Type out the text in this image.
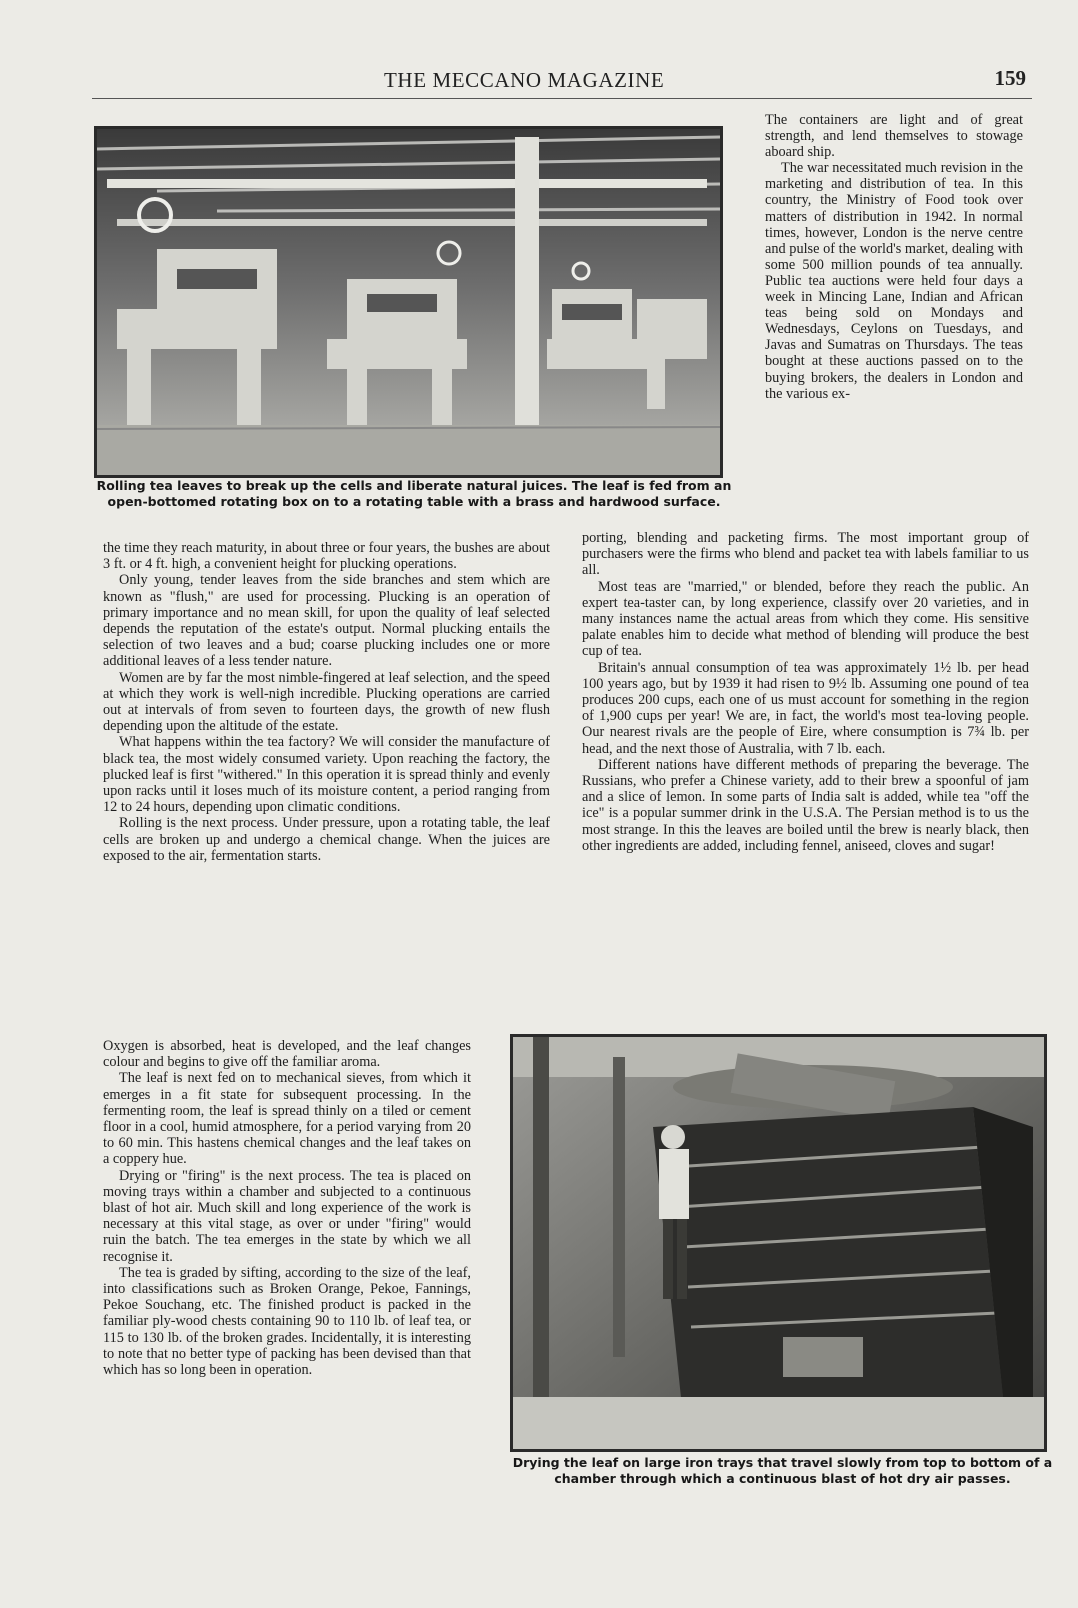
THE MECCANO MAGAZINE	159
Rolling tea leaves to break up the cells and liberate natural juices. The leaf is fed from an open-bottomed rotating box on to a rotating table with a brass and hardwood surface.

The containers are light and of great strength, and lend themselves to stowage aboard ship.

The war necessitated much revision in the marketing and distribution of tea. In this country, the Ministry of Food took over matters of distribution in 1942. In normal times, however, London is the nerve centre and pulse of the world's market, dealing with some 500 million pounds of tea annually. Public tea auctions were held four days a week in Mincing Lane, Indian and African teas being sold on Mondays and Wednesdays, Ceylons on Tuesdays, and Javas and Sumatras on Thursdays. The teas bought at these auctions passed on to the buying brokers, the dealers in London and the various ex-

the time they reach maturity, in about three or four years, the bushes are about 3 ft. or 4 ft. high, a convenient height for plucking operations.

Only young, tender leaves from the side branches and stem which are known as "flush," are used for processing. Plucking is an operation of primary importance and no mean skill, for upon the quality of leaf selected depends the reputation of the estate's output. Normal plucking entails the selection of two leaves and a bud; coarse plucking includes one or more additional leaves of a less tender nature.

Women are by far the most nimble-fingered at leaf selection, and the speed at which they work is well-nigh incredible. Plucking operations are carried out at intervals of from seven to fourteen days, the growth of new flush depending upon the altitude of the estate.

What happens within the tea factory? We will consider the manufacture of black tea, the most widely consumed variety. Upon reaching the factory, the plucked leaf is first "withered." In this operation it is spread thinly and evenly upon racks until it loses much of its moisture content, a period ranging from 12 to 24 hours, depending upon climatic conditions.

Rolling is the next process. Under pressure, upon a rotating table, the leaf cells are broken up and undergo a chemical change. When the juices are exposed to the air, fermentation starts.

Oxygen is absorbed, heat is developed, and the leaf changes colour and begins to give off the familiar aroma.

The leaf is next fed on to mechanical sieves, from which it emerges in a fit state for subsequent processing. In the fermenting room, the leaf is spread thinly on a tiled or cement floor in a cool, humid atmosphere, for a period varying from 20 to 60 min. This hastens chemical changes and the leaf takes on a coppery hue.

Drying or "firing" is the next process. The tea is placed on moving trays within a chamber and subjected to a continuous blast of hot air. Much skill and long experience of the work is necessary at this vital stage, as over or under "firing" would ruin the batch. The tea emerges in the state by which we all recognise it.

The tea is graded by sifting, according to the size of the leaf, into classifications such as Broken Orange, Pekoe, Fannings, Pekoe Souchang, etc. The finished product is packed in the familiar ply-wood chests containing 90 to 110 lb. of leaf tea, or 115 to 130 lb. of the broken grades. Incidentally, it is interesting to note that no better type of packing has been devised than that which has so long been in operation.

porting, blending and packeting firms. The most important group of purchasers were the firms who blend and packet tea with labels familiar to us all.

Most teas are "married," or blended, before they reach the public. An expert tea-taster can, by long experience, classify over 20 varieties, and in many instances name the actual areas from which they come. His sensitive palate enables him to decide what method of blending will produce the best cup of tea.

Britain's annual consumption of tea was approximately 1½ lb. per head 100 years ago, but by 1939 it had risen to 9½ lb. Assuming one pound of tea produces 200 cups, each one of us must account for something in the region of 1,900 cups per year! We are, in fact, the world's most tea-loving people. Our nearest rivals are the people of Eire, where consumption is 7¾ lb. per head, and the next those of Australia, with 7 lb. each.

Different nations have different methods of preparing the beverage. The Russians, who prefer a Chinese variety, add to their brew a spoonful of jam and a slice of lemon. In some parts of India salt is added, while tea "off the ice" is a popular summer drink in the U.S.A. The Persian method is to us the most strange. In this the leaves are boiled until the brew is nearly black, then other ingredients are added, including fennel, aniseed, cloves and sugar!

Drying the leaf on large iron trays that travel slowly from top to bottom of a chamber through which a continuous blast of hot dry air passes.
